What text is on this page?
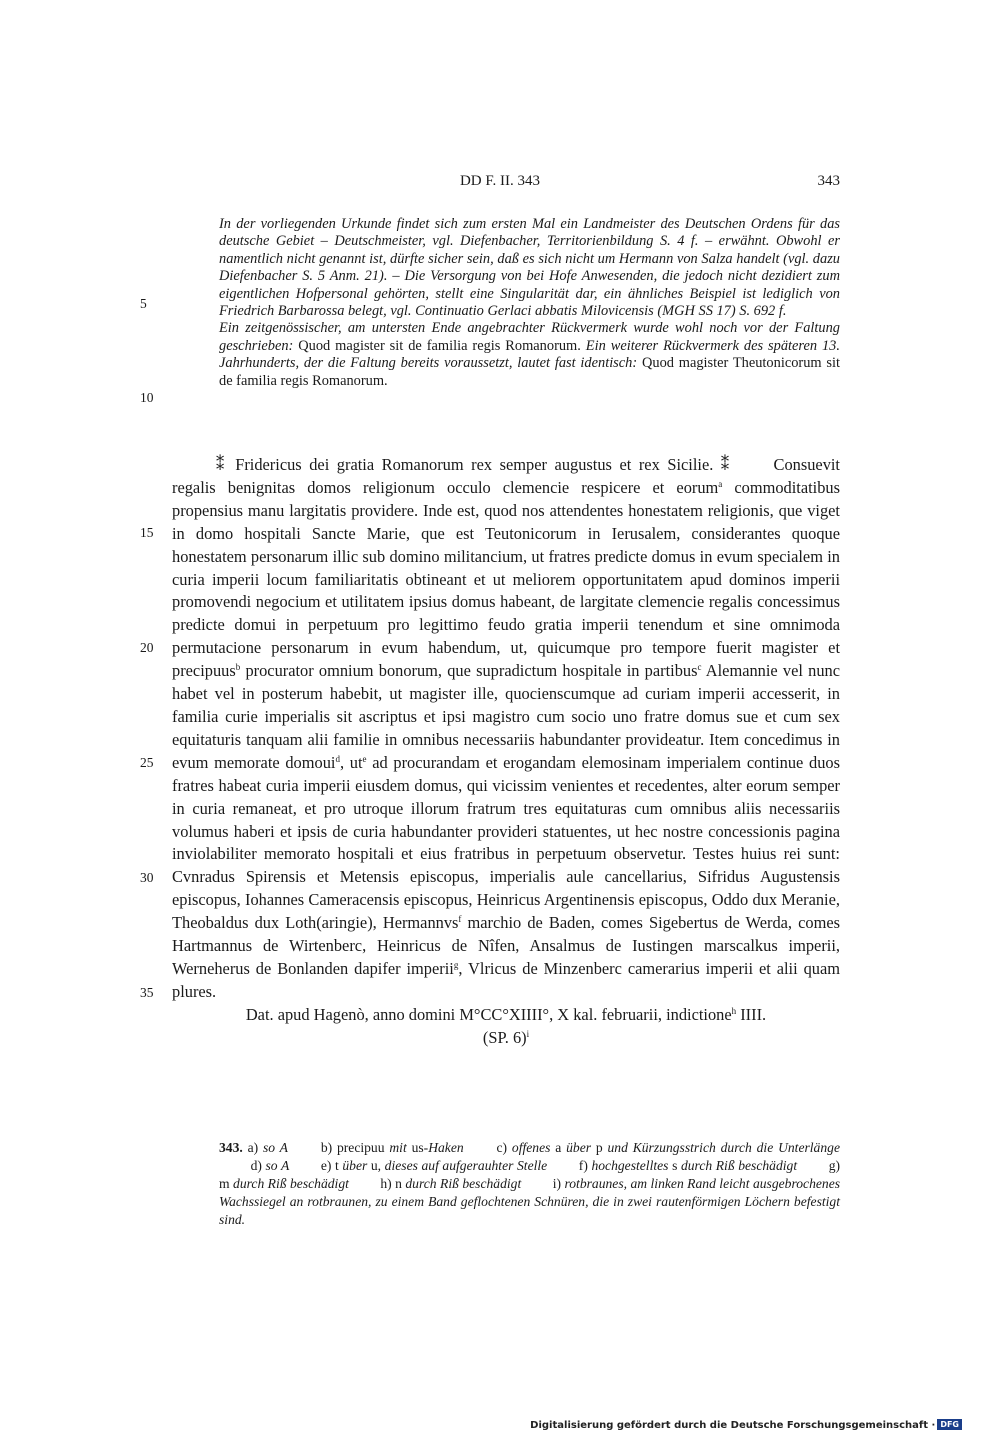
DD F. II. 343	343

In der vorliegenden Urkunde findet sich zum ersten Mal ein Landmeister des Deutschen Ordens für das deutsche Gebiet – Deutschmeister, vgl. Diefenbacher, Territorienbildung S. 4 f. – erwähnt. Obwohl er namentlich nicht genannt ist, dürfte sicher sein, daß es sich nicht um Hermann von Salza handelt (vgl. dazu Diefenbacher S. 5 Anm. 21). – Die Versorgung von bei Hofe Anwesenden, die jedoch nicht dezidiert zum eigentlichen Hofpersonal gehörten, stellt eine Singularität dar, ein ähnliches Beispiel ist lediglich von Friedrich Barbarossa belegt, vgl. Continuatio Gerlaci abbatis Milovicensis (MGH SS 17) S. 692 f.

Ein zeitgenössischer, am untersten Ende angebrachter Rückvermerk wurde wohl noch vor der Faltung geschrieben: Quod magister sit de familia regis Romanorum. Ein weiterer Rückvermerk des späteren 13. Jahrhunderts, der die Faltung bereits voraussetzt, lautet fast identisch: Quod magister Theutonicorum sit de familia regis Romanorum.

5
10
15
20
25
30
35

⁑ Fridericus dei gratia Romanorum rex semper augustus et rex Sicilie. ⁑    Consuevit regalis benignitas domos religionum occulo clemencie respicere et eorum$^a$ commoditatibus propensius manu largitatis providere. Inde est, quod nos attendentes honestatem religionis, que viget in domo hospitali Sancte Marie, que est Teutonicorum in Ierusalem, considerantes quoque honestatem personarum illic sub domino militancium, ut fratres predicte domus in evum specialem in curia imperii locum familiaritatis obtineant et ut meliorem opportunitatem apud dominos imperii promovendi negocium et utilitatem ipsius domus habeant, de largitate clemencie regalis concessimus predicte domui in perpetuum pro legittimo feudo gratia imperii tenendum et sine omnimoda permutacione personarum in evum habendum, ut, quicumque pro tempore fuerit magister et precipuus$^b$ procurator omnium bonorum, que supradictum hospitale in partibus$^c$ Alemannie vel nunc habet vel in posterum habebit, ut magister ille, quocienscumque ad curiam imperii accesserit, in familia curie imperialis sit ascriptus et ipsi magistro cum socio uno fratre domus sue et cum sex equitaturis tanquam alii familie in omnibus necessariis habundanter provideatur. Item concedimus in evum memorate domoui$^d$, $ut^e$ ad procurandam et erogandam elemosinam imperialem continue duos fratres habeat curia imperii eiusdem domus, qui vicissim venientes et recedentes, alter eorum semper in curia remaneat, et pro utroque illorum fratrum tres equitaturas cum omnibus aliis necessariis volumus haberi et ipsis de curia habundanter provideri statuentes, ut hec nostre concessionis pagina inviolabiliter memorato hospitali et eius fratribus in perpetuum observetur. Testes huius rei sunt: Cvnradus Spirensis et Metensis episcopus, imperialis aule cancellarius, Sifridus Augustensis episcopus, Iohannes Cameracensis episcopus, Heinricus Argentinensis episcopus, Oddo dux Meranie, Theobaldus dux Loth(aringie), Hermannvs$^f$ marchio de Baden, comes Sigebertus de Werda, comes Hartmannus de Wirtenberc, Heinricus de Nîfen, Ansalmus de Iustingen marscalkus imperii, Werneherus de Bonlanden dapifer imperii$^g$, Vlricus de Minzenberc camerarius imperii et alii quam plures.

Dat. apud Hagenò, anno domini M°CC°XIIII°, X kal. februarii, indictione$^h$ IIII.

(SP. 6)$^i$

343. a) so A b) precipuu mit us-Haken c) offenes a über p und Kürzungsstrich durch die Unterlänge d) so A e) t über u, dieses auf aufgerauhter Stelle f) hochgestelltes s durch Riß beschädigt g) m durch Riß beschädigt h) n durch Riß beschädigt i) rotbraunes, am linken Rand leicht ausgebrochenes Wachssiegel an rotbraunen, zu einem Band geflochtenen Schnüren, die in zwei rautenförmigen Löchern befestigt sind.
Digitalisierung gefördert durch die Deutsche Forschungsgemeinschaft · DFG
